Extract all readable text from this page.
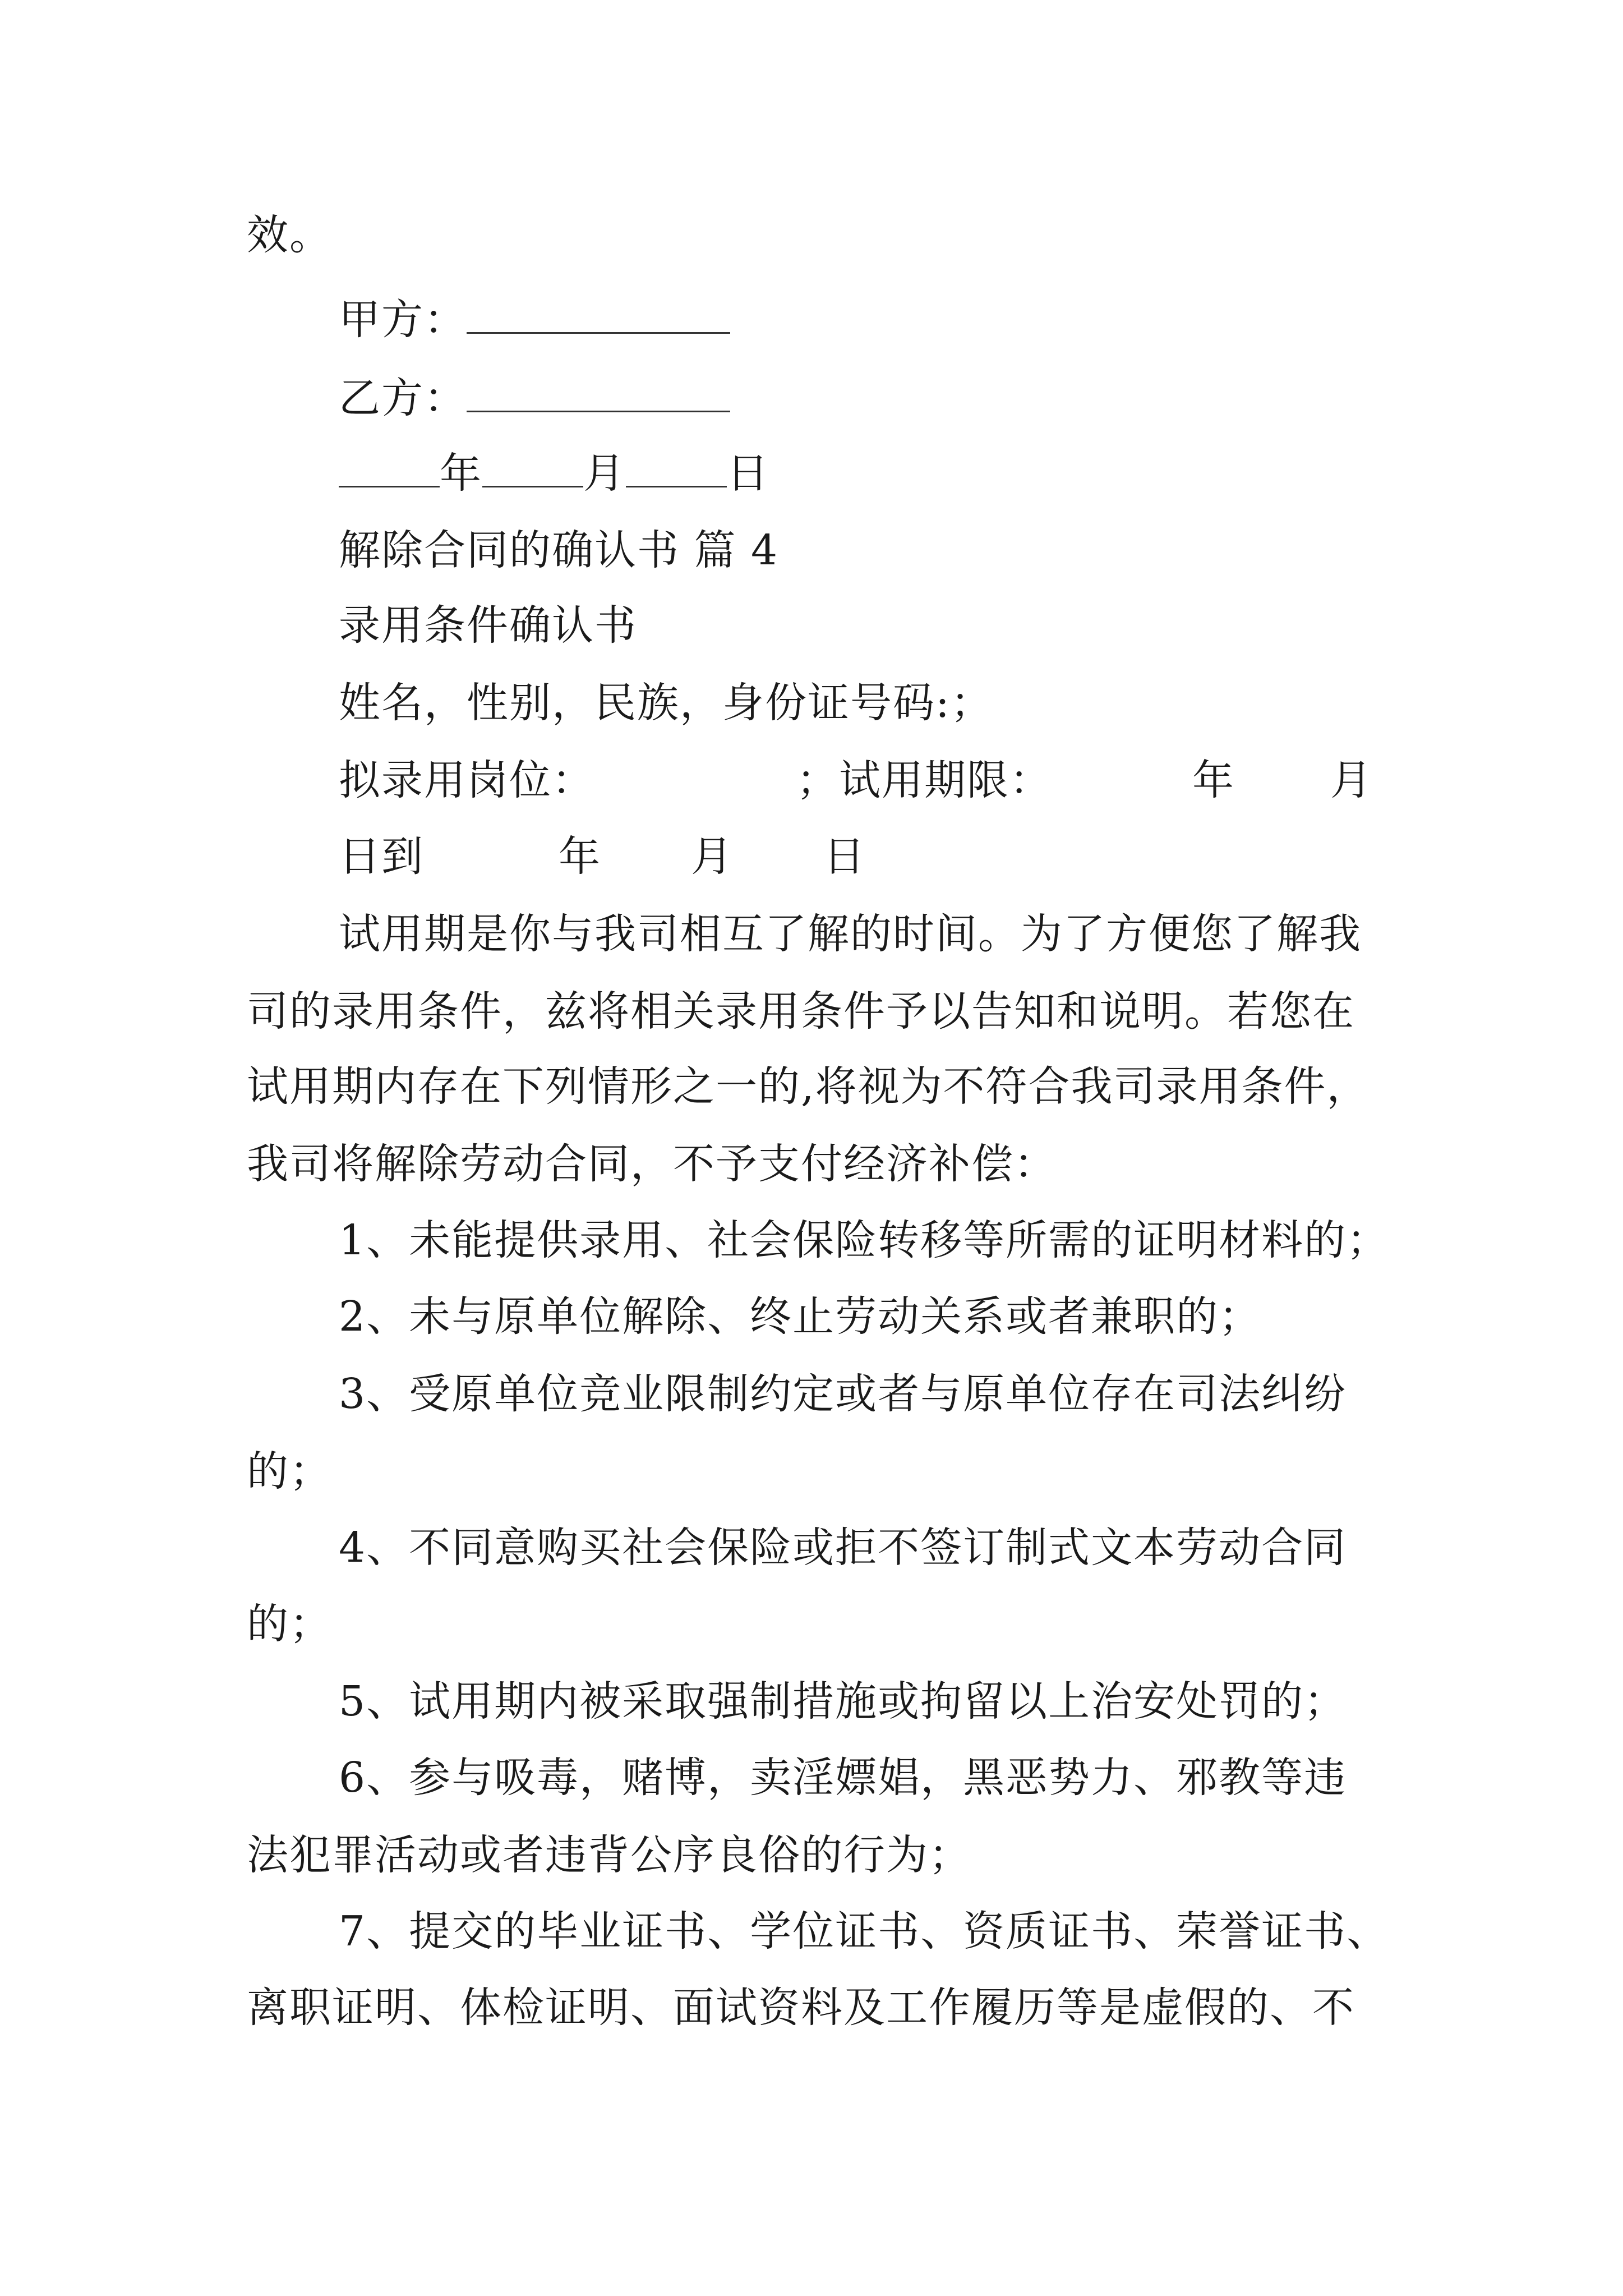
效。
甲方：
乙方：
年 月 日
解除合同的确认书 篇 4
录用条件确认书
姓名，性别，民族，身份证号码:；
拟录用岗位：	；试用期限：	年 月
日到	年 月 日
试用期是你与我司相互了解的时间。为了方便您了解我
司的录用条件，兹将相关录用条件予以告知和说明。若您在
试用期内存在下列情形之一的,将视为不符合我司录用条件，
我司将解除劳动合同，不予支付经济补偿：
1、未能提供录用、社会保险转移等所需的证明材料的；
2、未与原单位解除、终止劳动关系或者兼职的；
3、受原单位竞业限制约定或者与原单位存在司法纠纷
的；
4、不同意购买社会保险或拒不签订制式文本劳动合同
的；
5、试用期内被采取强制措施或拘留以上治安处罚的；
6、参与吸毒，赌博，卖淫嫖娼，黑恶势力、邪教等违
法犯罪活动或者违背公序良俗的行为；
7、提交的毕业证书、学位证书、资质证书、荣誉证书、
离职证明、体检证明、面试资料及工作履历等是虚假的、不
